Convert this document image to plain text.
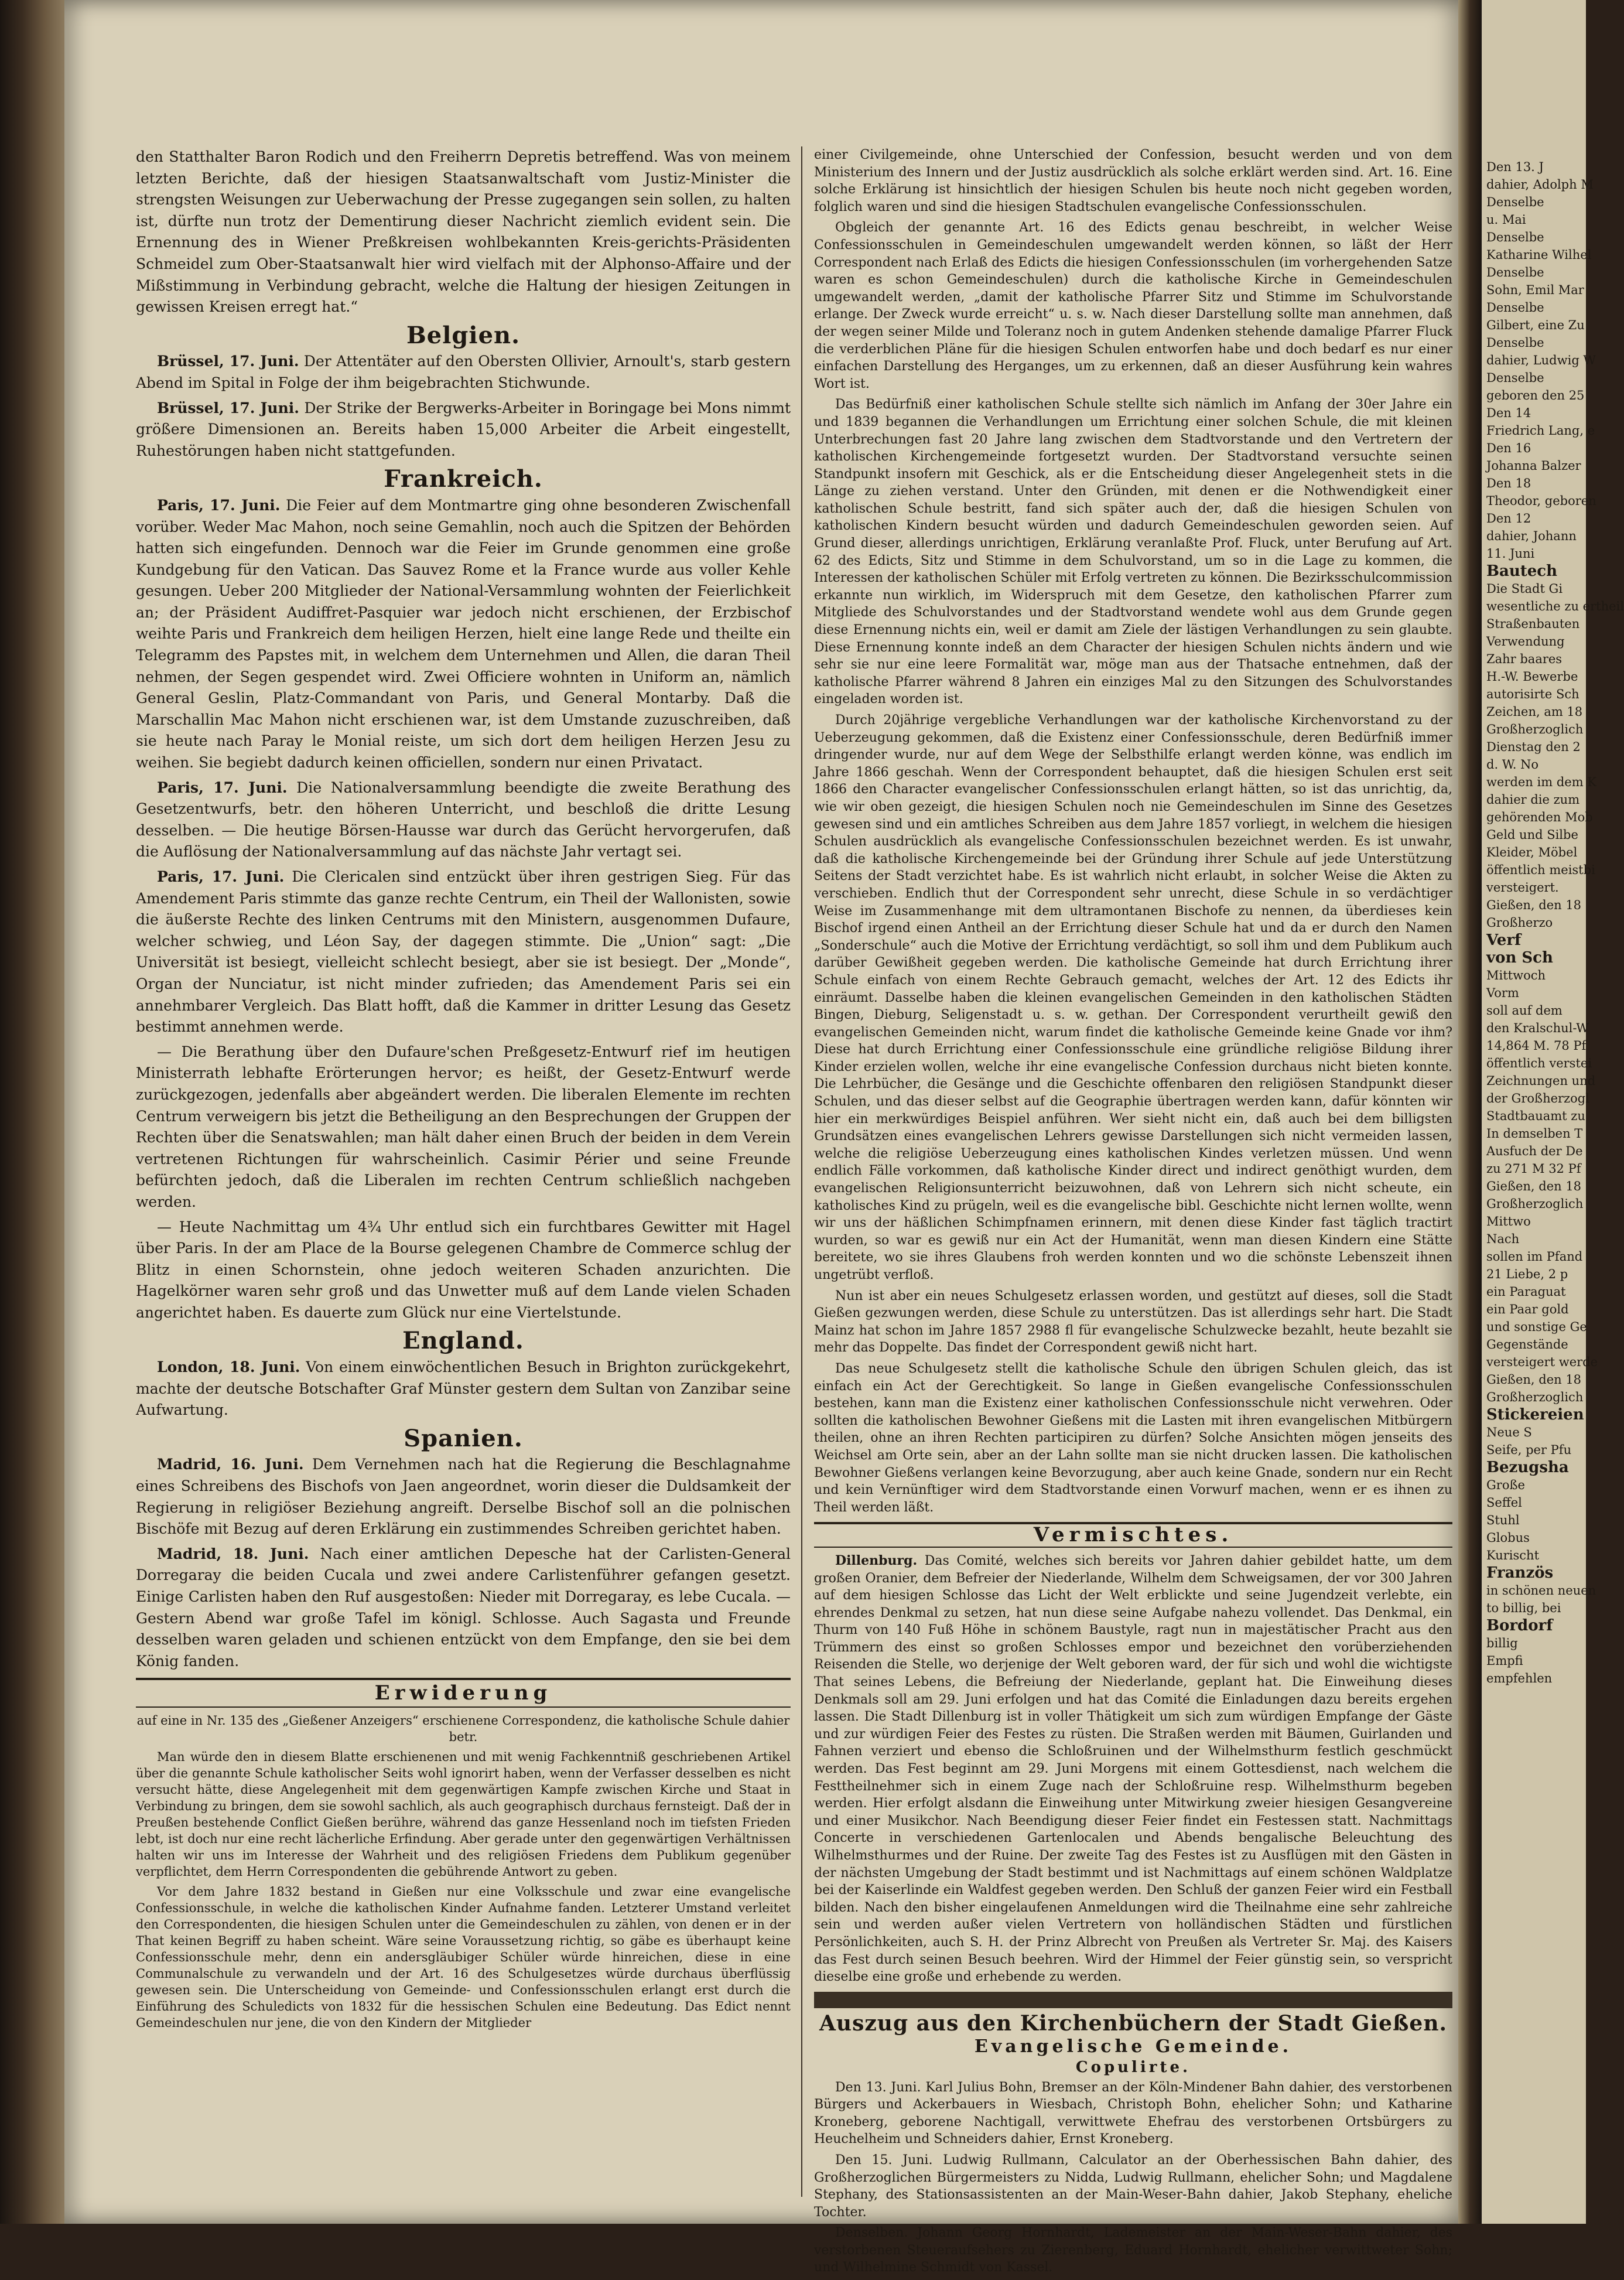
den Statthalter Baron Rodich und den Freiherrn Depretis betreffend. Was von meinem letzten Berichte, daß der hiesigen Staatsanwaltschaft vom Justiz-Minister die strengsten Weisungen zur Ueberwachung der Presse zugegangen sein sollen, zu halten ist, dürfte nun trotz der Dementirung dieser Nachricht ziemlich evident sein. Die Ernennung des in Wiener Preßkreisen wohlbekannten Kreis-gerichts-Präsidenten Schmeidel zum Ober-Staatsanwalt hier wird vielfach mit der Alphonso-Affaire und der Mißstimmung in Verbindung gebracht, welche die Haltung der hiesigen Zeitungen in gewissen Kreisen erregt hat.“

Belgien.

Brüssel, 17. Juni. Der Attentäter auf den Obersten Ollivier, Arnoult's, starb gestern Abend im Spital in Folge der ihm beigebrachten Stichwunde.

Brüssel, 17. Juni. Der Strike der Bergwerks-Arbeiter in Boringage bei Mons nimmt größere Dimensionen an. Bereits haben 15,000 Arbeiter die Arbeit eingestellt, Ruhestörungen haben nicht stattgefunden.

Frankreich.

Paris, 17. Juni. Die Feier auf dem Montmartre ging ohne besonderen Zwischenfall vorüber. Weder Mac Mahon, noch seine Gemahlin, noch auch die Spitzen der Behörden hatten sich eingefunden. Dennoch war die Feier im Grunde genommen eine große Kundgebung für den Vatican. Das Sauvez Rome et la France wurde aus voller Kehle gesungen. Ueber 200 Mitglieder der National-Versammlung wohnten der Feierlichkeit an; der Präsident Audiffret-Pasquier war jedoch nicht erschienen, der Erzbischof weihte Paris und Frankreich dem heiligen Herzen, hielt eine lange Rede und theilte ein Telegramm des Papstes mit, in welchem dem Unternehmen und Allen, die daran Theil nehmen, der Segen gespendet wird. Zwei Officiere wohnten in Uniform an, nämlich General Geslin, Platz-Commandant von Paris, und General Montarby. Daß die Marschallin Mac Mahon nicht erschienen war, ist dem Umstande zuzuschreiben, daß sie heute nach Paray le Monial reiste, um sich dort dem heiligen Herzen Jesu zu weihen. Sie begiebt dadurch keinen officiellen, sondern nur einen Privatact.

Paris, 17. Juni. Die Nationalversammlung beendigte die zweite Berathung des Gesetzentwurfs, betr. den höheren Unterricht, und beschloß die dritte Lesung desselben. — Die heutige Börsen-Hausse war durch das Gerücht hervorgerufen, daß die Auflösung der Nationalversammlung auf das nächste Jahr vertagt sei.

Paris, 17. Juni. Die Clericalen sind entzückt über ihren gestrigen Sieg. Für das Amendement Paris stimmte das ganze rechte Centrum, ein Theil der Wallonisten, sowie die äußerste Rechte des linken Centrums mit den Ministern, ausgenommen Dufaure, welcher schwieg, und Léon Say, der dagegen stimmte. Die „Union“ sagt: „Die Universität ist besiegt, vielleicht schlecht besiegt, aber sie ist besiegt. Der „Monde“, Organ der Nunciatur, ist nicht minder zufrieden; das Amendement Paris sei ein annehmbarer Vergleich. Das Blatt hofft, daß die Kammer in dritter Lesung das Gesetz bestimmt annehmen werde.

— Die Berathung über den Dufaure'schen Preßgesetz-Entwurf rief im heutigen Ministerrath lebhafte Erörterungen hervor; es heißt, der Gesetz-Entwurf werde zurückgezogen, jedenfalls aber abgeändert werden. Die liberalen Elemente im rechten Centrum verweigern bis jetzt die Betheiligung an den Besprechungen der Gruppen der Rechten über die Senatswahlen; man hält daher einen Bruch der beiden in dem Verein vertretenen Richtungen für wahrscheinlich. Casimir Périer und seine Freunde befürchten jedoch, daß die Liberalen im rechten Centrum schließlich nachgeben werden.

— Heute Nachmittag um 4¾ Uhr entlud sich ein furchtbares Gewitter mit Hagel über Paris. In der am Place de la Bourse gelegenen Chambre de Commerce schlug der Blitz in einen Schornstein, ohne jedoch weiteren Schaden anzurichten. Die Hagelkörner waren sehr groß und das Unwetter muß auf dem Lande vielen Schaden angerichtet haben. Es dauerte zum Glück nur eine Viertelstunde.

England.

London, 18. Juni. Von einem einwöchentlichen Besuch in Brighton zurückgekehrt, machte der deutsche Botschafter Graf Münster gestern dem Sultan von Zanzibar seine Aufwartung.

Spanien.

Madrid, 16. Juni. Dem Vernehmen nach hat die Regierung die Beschlagnahme eines Schreibens des Bischofs von Jaen angeordnet, worin dieser die Duldsamkeit der Regierung in religiöser Beziehung angreift. Derselbe Bischof soll an die polnischen Bischöfe mit Bezug auf deren Erklärung ein zustimmendes Schreiben gerichtet haben.

Madrid, 18. Juni. Nach einer amtlichen Depesche hat der Carlisten-General Dorregaray die beiden Cucala und zwei andere Carlistenführer gefangen gesetzt. Einige Carlisten haben den Ruf ausgestoßen: Nieder mit Dorregaray, es lebe Cucala. — Gestern Abend war große Tafel im königl. Schlosse. Auch Sagasta und Freunde desselben waren geladen und schienen entzückt von dem Empfange, den sie bei dem König fanden.

Erwiderung

auf eine in Nr. 135 des „Gießener Anzeigers“ erschienene Correspondenz, die katholische Schule dahier betr.

Man würde den in diesem Blatte erschienenen und mit wenig Fachkenntniß geschriebenen Artikel über die genannte Schule katholischer Seits wohl ignorirt haben, wenn der Verfasser desselben es nicht versucht hätte, diese Angelegenheit mit dem gegenwärtigen Kampfe zwischen Kirche und Staat in Verbindung zu bringen, dem sie sowohl sachlich, als auch geographisch durchaus fernsteigt. Daß der in Preußen bestehende Conflict Gießen berühre, während das ganze Hessenland noch im tiefsten Frieden lebt, ist doch nur eine recht lächerliche Erfindung. Aber gerade unter den gegenwärtigen Verhältnissen halten wir uns im Interesse der Wahrheit und des religiösen Friedens dem Publikum gegenüber verpflichtet, dem Herrn Correspondenten die gebührende Antwort zu geben.

Vor dem Jahre 1832 bestand in Gießen nur eine Volksschule und zwar eine evangelische Confessionsschule, in welche die katholischen Kinder Aufnahme fanden. Letzterer Umstand verleitet den Correspondenten, die hiesigen Schulen unter die Gemeindeschulen zu zählen, von denen er in der That keinen Begriff zu haben scheint. Wäre seine Voraussetzung richtig, so gäbe es überhaupt keine Confessionsschule mehr, denn ein andersgläubiger Schüler würde hinreichen, diese in eine Communalschule zu verwandeln und der Art. 16 des Schulgesetzes würde durchaus überflüssig gewesen sein. Die Unterscheidung von Gemeinde- und Confessionsschulen erlangt erst durch die Einführung des Schuledicts von 1832 für die hessischen Schulen eine Bedeutung. Das Edict nennt Gemeindeschulen nur jene, die von den Kindern der Mitglieder

einer Civilgemeinde, ohne Unterschied der Confession, besucht werden und von dem Ministerium des Innern und der Justiz ausdrücklich als solche erklärt werden sind. Art. 16. Eine solche Erklärung ist hinsichtlich der hiesigen Schulen bis heute noch nicht gegeben worden, folglich waren und sind die hiesigen Stadtschulen evangelische Confessionsschulen.

Obgleich der genannte Art. 16 des Edicts genau beschreibt, in welcher Weise Confessionsschulen in Gemeindeschulen umgewandelt werden können, so läßt der Herr Correspondent nach Erlaß des Edicts die hiesigen Confessionsschulen (im vorhergehenden Satze waren es schon Gemeindeschulen) durch die katholische Kirche in Gemeindeschulen umgewandelt werden, „damit der katholische Pfarrer Sitz und Stimme im Schulvorstande erlange. Der Zweck wurde erreicht“ u. s. w. Nach dieser Darstellung sollte man annehmen, daß der wegen seiner Milde und Toleranz noch in gutem Andenken stehende damalige Pfarrer Fluck die verderblichen Pläne für die hiesigen Schulen entworfen habe und doch bedarf es nur einer einfachen Darstellung des Herganges, um zu erkennen, daß an dieser Ausführung kein wahres Wort ist.

Das Bedürfniß einer katholischen Schule stellte sich nämlich im Anfang der 30er Jahre ein und 1839 begannen die Verhandlungen um Errichtung einer solchen Schule, die mit kleinen Unterbrechungen fast 20 Jahre lang zwischen dem Stadtvorstande und den Vertretern der katholischen Kirchengemeinde fortgesetzt wurden. Der Stadtvorstand versuchte seinen Standpunkt insofern mit Geschick, als er die Entscheidung dieser Angelegenheit stets in die Länge zu ziehen verstand. Unter den Gründen, mit denen er die Nothwendigkeit einer katholischen Schule bestritt, fand sich später auch der, daß die hiesigen Schulen von katholischen Kindern besucht würden und dadurch Gemeindeschulen geworden seien. Auf Grund dieser, allerdings unrichtigen, Erklärung veranlaßte Prof. Fluck, unter Berufung auf Art. 62 des Edicts, Sitz und Stimme in dem Schulvorstand, um so in die Lage zu kommen, die Interessen der katholischen Schüler mit Erfolg vertreten zu können. Die Bezirksschulcommission erkannte nun wirklich, im Widerspruch mit dem Gesetze, den katholischen Pfarrer zum Mitgliede des Schulvorstandes und der Stadtvorstand wendete wohl aus dem Grunde gegen diese Ernennung nichts ein, weil er damit am Ziele der lästigen Verhandlungen zu sein glaubte. Diese Ernennung konnte indeß an dem Character der hiesigen Schulen nichts ändern und wie sehr sie nur eine leere Formalität war, möge man aus der Thatsache entnehmen, daß der katholische Pfarrer während 8 Jahren ein einziges Mal zu den Sitzungen des Schulvorstandes eingeladen worden ist.

Durch 20jährige vergebliche Verhandlungen war der katholische Kirchenvorstand zu der Ueberzeugung gekommen, daß die Existenz einer Confessionsschule, deren Bedürfniß immer dringender wurde, nur auf dem Wege der Selbsthilfe erlangt werden könne, was endlich im Jahre 1866 geschah. Wenn der Correspondent behauptet, daß die hiesigen Schulen erst seit 1866 den Character evangelischer Confessionsschulen erlangt hätten, so ist das unrichtig, da, wie wir oben gezeigt, die hiesigen Schulen noch nie Gemeindeschulen im Sinne des Gesetzes gewesen sind und ein amtliches Schreiben aus dem Jahre 1857 vorliegt, in welchem die hiesigen Schulen ausdrücklich als evangelische Confessionsschulen bezeichnet werden. Es ist unwahr, daß die katholische Kirchengemeinde bei der Gründung ihrer Schule auf jede Unterstützung Seitens der Stadt verzichtet habe. Es ist wahrlich nicht erlaubt, in solcher Weise die Akten zu verschieben. Endlich thut der Correspondent sehr unrecht, diese Schule in so verdächtiger Weise im Zusammenhange mit dem ultramontanen Bischofe zu nennen, da überdieses kein Bischof irgend einen Antheil an der Errichtung dieser Schule hat und da er durch den Namen „Sonderschule“ auch die Motive der Errichtung verdächtigt, so soll ihm und dem Publikum auch darüber Gewißheit gegeben werden. Die katholische Gemeinde hat durch Errichtung ihrer Schule einfach von einem Rechte Gebrauch gemacht, welches der Art. 12 des Edicts ihr einräumt. Dasselbe haben die kleinen evangelischen Gemeinden in den katholischen Städten Bingen, Dieburg, Seligenstadt u. s. w. gethan. Der Correspondent verurtheilt gewiß den evangelischen Gemeinden nicht, warum findet die katholische Gemeinde keine Gnade vor ihm? Diese hat durch Errichtung einer Confessionsschule eine gründliche religiöse Bildung ihrer Kinder erzielen wollen, welche ihr eine evangelische Confession durchaus nicht bieten konnte. Die Lehrbücher, die Gesänge und die Geschichte offenbaren den religiösen Standpunkt dieser Schulen, und das dieser selbst auf die Geographie übertragen werden kann, dafür könnten wir hier ein merkwürdiges Beispiel anführen. Wer sieht nicht ein, daß auch bei dem billigsten Grundsätzen eines evangelischen Lehrers gewisse Darstellungen sich nicht vermeiden lassen, welche die religiöse Ueberzeugung eines katholischen Kindes verletzen müssen. Und wenn endlich Fälle vorkommen, daß katholische Kinder direct und indirect genöthigt wurden, dem evangelischen Religionsunterricht beizuwohnen, daß von Lehrern sich nicht scheute, ein katholisches Kind zu prügeln, weil es die evangelische bibl. Geschichte nicht lernen wollte, wenn wir uns der häßlichen Schimpfnamen erinnern, mit denen diese Kinder fast täglich tractirt wurden, so war es gewiß nur ein Act der Humanität, wenn man diesen Kindern eine Stätte bereitete, wo sie ihres Glaubens froh werden konnten und wo die schönste Lebenszeit ihnen ungetrübt verfloß.

Nun ist aber ein neues Schulgesetz erlassen worden, und gestützt auf dieses, soll die Stadt Gießen gezwungen werden, diese Schule zu unterstützen. Das ist allerdings sehr hart. Die Stadt Mainz hat schon im Jahre 1857 2988 fl für evangelische Schulzwecke bezahlt, heute bezahlt sie mehr das Doppelte. Das findet der Correspondent gewiß nicht hart.

Das neue Schulgesetz stellt die katholische Schule den übrigen Schulen gleich, das ist einfach ein Act der Gerechtigkeit. So lange in Gießen evangelische Confessionsschulen bestehen, kann man die Existenz einer katholischen Confessionsschule nicht verwehren. Oder sollten die katholischen Bewohner Gießens mit die Lasten mit ihren evangelischen Mitbürgern theilen, ohne an ihren Rechten participiren zu dürfen? Solche Ansichten mögen jenseits des Weichsel am Orte sein, aber an der Lahn sollte man sie nicht drucken lassen. Die katholischen Bewohner Gießens verlangen keine Bevorzugung, aber auch keine Gnade, sondern nur ein Recht und kein Vernünftiger wird dem Stadtvorstande einen Vorwurf machen, wenn er es ihnen zu Theil werden läßt.

Vermischtes.

Dillenburg. Das Comité, welches sich bereits vor Jahren dahier gebildet hatte, um dem großen Oranier, dem Befreier der Niederlande, Wilhelm dem Schweigsamen, der vor 300 Jahren auf dem hiesigen Schlosse das Licht der Welt erblickte und seine Jugendzeit verlebte, ein ehrendes Denkmal zu setzen, hat nun diese seine Aufgabe nahezu vollendet. Das Denkmal, ein Thurm von 140 Fuß Höhe in schönem Baustyle, ragt nun in majestätischer Pracht aus den Trümmern des einst so großen Schlosses empor und bezeichnet den vorüberziehenden Reisenden die Stelle, wo derjenige der Welt geboren ward, der für sich und wohl die wichtigste That seines Lebens, die Befreiung der Niederlande, geplant hat. Die Einweihung dieses Denkmals soll am 29. Juni erfolgen und hat das Comité die Einladungen dazu bereits ergehen lassen. Die Stadt Dillenburg ist in voller Thätigkeit um sich zum würdigen Empfange der Gäste und zur würdigen Feier des Festes zu rüsten. Die Straßen werden mit Bäumen, Guirlanden und Fahnen verziert und ebenso die Schloßruinen und der Wilhelmsthurm festlich geschmückt werden. Das Fest beginnt am 29. Juni Morgens mit einem Gottesdienst, nach welchem die Festtheilnehmer sich in einem Zuge nach der Schloßruine resp. Wilhelmsthurm begeben werden. Hier erfolgt alsdann die Einweihung unter Mitwirkung zweier hiesigen Gesangvereine und einer Musikchor. Nach Beendigung dieser Feier findet ein Festessen statt. Nachmittags Concerte in verschiedenen Gartenlocalen und Abends bengalische Beleuchtung des Wilhelmsthurmes und der Ruine. Der zweite Tag des Festes ist zu Ausflügen mit den Gästen in der nächsten Umgebung der Stadt bestimmt und ist Nachmittags auf einem schönen Waldplatze bei der Kaiserlinde ein Waldfest gegeben werden. Den Schluß der ganzen Feier wird ein Festball bilden. Nach den bisher eingelaufenen Anmeldungen wird die Theilnahme eine sehr zahlreiche sein und werden außer vielen Vertretern von holländischen Städten und fürstlichen Persönlichkeiten, auch S. H. der Prinz Albrecht von Preußen als Vertreter Sr. Maj. des Kaisers das Fest durch seinen Besuch beehren. Wird der Himmel der Feier günstig sein, so verspricht dieselbe eine große und erhebende zu werden.

Auszug aus den Kirchenbüchern der Stadt Gießen.
Evangelische Gemeinde.
Copulirte.

Den 13. Juni. Karl Julius Bohn, Bremser an der Köln-Mindener Bahn dahier, des verstorbenen Bürgers und Ackerbauers in Wiesbach, Christoph Bohn, ehelicher Sohn; und Katharine Kroneberg, geborene Nachtigall, verwittwete Ehefrau des verstorbenen Ortsbürgers zu Heuchelheim und Schneiders dahier, Ernst Kroneberg.

Den 15. Juni. Ludwig Rullmann, Calculator an der Oberhessischen Bahn dahier, des Großherzoglichen Bürgermeisters zu Nidda, Ludwig Rullmann, ehelicher Sohn; und Magdalene Stephany, des Stationsassistenten an der Main-Weser-Bahn dahier, Jakob Stephany, eheliche Tochter.

Denselben. Johann Georg Hornhardt, Lademeister an der Main-Weser-Bahn dahier, des verstorbenen Steueraufsehers zu Zierenberg, Eduard Hornhardt, ehelicher verwittweter Sohn; und Wilhelmine Schmidt von Kassel.

Den 13. J
dahier, Adolph M
Denselbe
u. Mai
Denselbe
Katharine Wilhel
Denselbe
Sohn, Emil Mar
Denselbe
Gilbert, eine Zu
Denselbe
dahier, Ludwig W
Denselbe
geboren den 25
Den 14
Friedrich Lang, e
Den 16
Johanna Balzer
Den 18
Theodor, geboren
Den 12
dahier, Johann
11. Juni
Bautech
Die Stadt Gi
wesentliche zu ertheil
Straßenbauten
Verwendung
Zahr baares
H.-W. Bewerbe
autorisirte Sch
Zeichen, am 18
Großherzoglich
Dienstag den 2
d. W. No
werden im dem K
dahier die zum
gehörenden Mob
Geld und Silbe
Kleider, Möbel
öffentlich meistbi
versteigert.
Gießen, den 18
Großherzo
Verf
von Sch
Mittwoch
Vorm
soll auf dem
den Kralschul-W
14,864 M. 78 Pf
öffentlich verstei
Zeichnungen und
der Großherzogl
Stadtbauamt zu
In demselben T
Ausfuch der De
zu 271 M 32 Pf
Gießen, den 18
Großherzoglich
Mittwo
Nach
sollen im Pfand
21 Liebe, 2 p
ein Paraguat
ein Paar gold
und sonstige Ge
Gegenstände
versteigert werde
Gießen, den 18
Großherzoglich
Stickereien
Neue S
Seife, per Pfu
Bezugsha
Große
Seffel
Stuhl
Globus
Kurischt
Französ
in schönen neuen
to billig, bei
Bordorf
billig
Empfi
empfehlen
